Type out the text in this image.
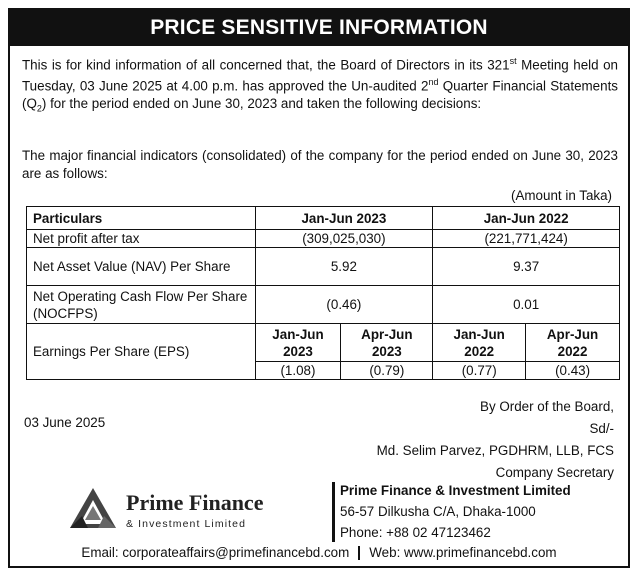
PRICE SENSITIVE INFORMATION
This is for kind information of all concerned that, the Board of Directors in its 321st Meeting held on Tuesday, 03 June 2025 at 4.00 p.m. has approved the Un-audited 2nd Quarter Financial Statements $(Q_2)$ for the period ended on June 30, 2023 and taken the following decisions:
The major financial indicators (consolidated) of the company for the period ended on June 30, 2023 are as follows:
(Amount in Taka)
Particulars	Jan-Jun 2023		Jan-Jun 2022	
Net profit after tax	(309,025,030)		(221,771,424)	
Net Asset Value (NAV) Per Share	5.92		9.37	
Net Operating Cash Flow Per Share (NOCFPS)	(0.46)		0.01	
Earnings Per Share (EPS)	Jan-Jun 2023	Apr-Jun 2023	Jan-Jun 2022	Apr-Jun 2022
	(1.08)	(0.79)	(0.77)	(0.43)
03 June 2025
By Order of the Board,
Sd/-
Md. Selim Parvez, PGDHRM, LLB, FCS
Company Secretary
Prime Finance
& Investment Limited
Prime Finance & Investment Limited
56-57 Dilkusha C/A, Dhaka-1000
Phone: +88 02 47123462
Email: corporateaffairs@primefinancebd.com Web: www.primefinancebd.com
